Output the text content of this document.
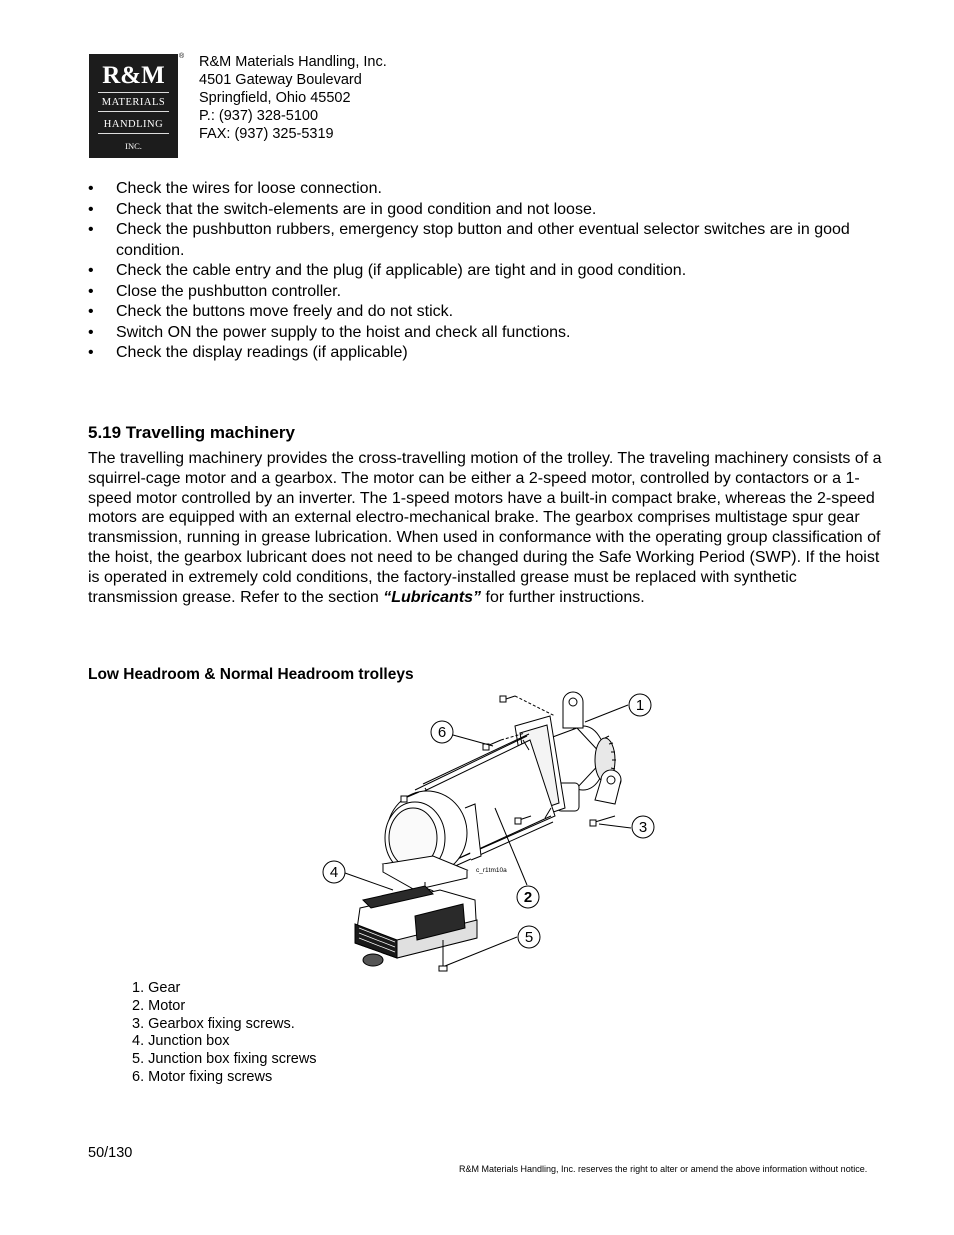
R&M
MATERIALS
HANDLING
INC.
® R&M Materials Handling, Inc.
4501 Gateway Boulevard
Springfield, Ohio 45502
P.: (937) 328-5100
FAX: (937) 325-5319
• Check the wires for loose connection.
• Check that the switch-elements are in good condition and not loose.
• Check the pushbutton rubbers, emergency stop button and other eventual selector switches are in good condition.
• Check the cable entry and the plug (if applicable) are tight and in good condition.
• Close the pushbutton controller.
• Check the buttons move freely and do not stick.
• Switch ON the power supply to the hoist and check all functions.
• Check the display readings (if applicable)
5.19 Travelling machinery
The travelling machinery provides the cross-travelling motion of the trolley. The traveling machinery consists of a squirrel-cage motor and a gearbox. The motor can be either a 2-speed motor, controlled by contactors or a 1-speed motor controlled by an inverter. The 1-speed motors have a built-in compact brake, whereas the 2-speed motors are equipped with an external electro-mechanical brake. The gearbox comprises multistage spur gear transmission, running in grease lubrication. When used in conformance with the operating group classification of the hoist, the gearbox lubricant does not need to be changed during the Safe Working Period (SWP). If the hoist is operated in extremely cold conditions, the factory-installed grease must be replaced with synthetic transmission grease. Refer to the section “Lubricants” for further instructions.
Low Headroom & Normal Headroom trolleys
1
6
3
4
2
5
c_r1tm10a
1. Gear
2. Motor
3. Gearbox fixing screws.
4. Junction box
5. Junction box fixing screws
6. Motor fixing screws
50/130
R&M Materials Handling, Inc. reserves the right to alter or amend the above information without notice.
